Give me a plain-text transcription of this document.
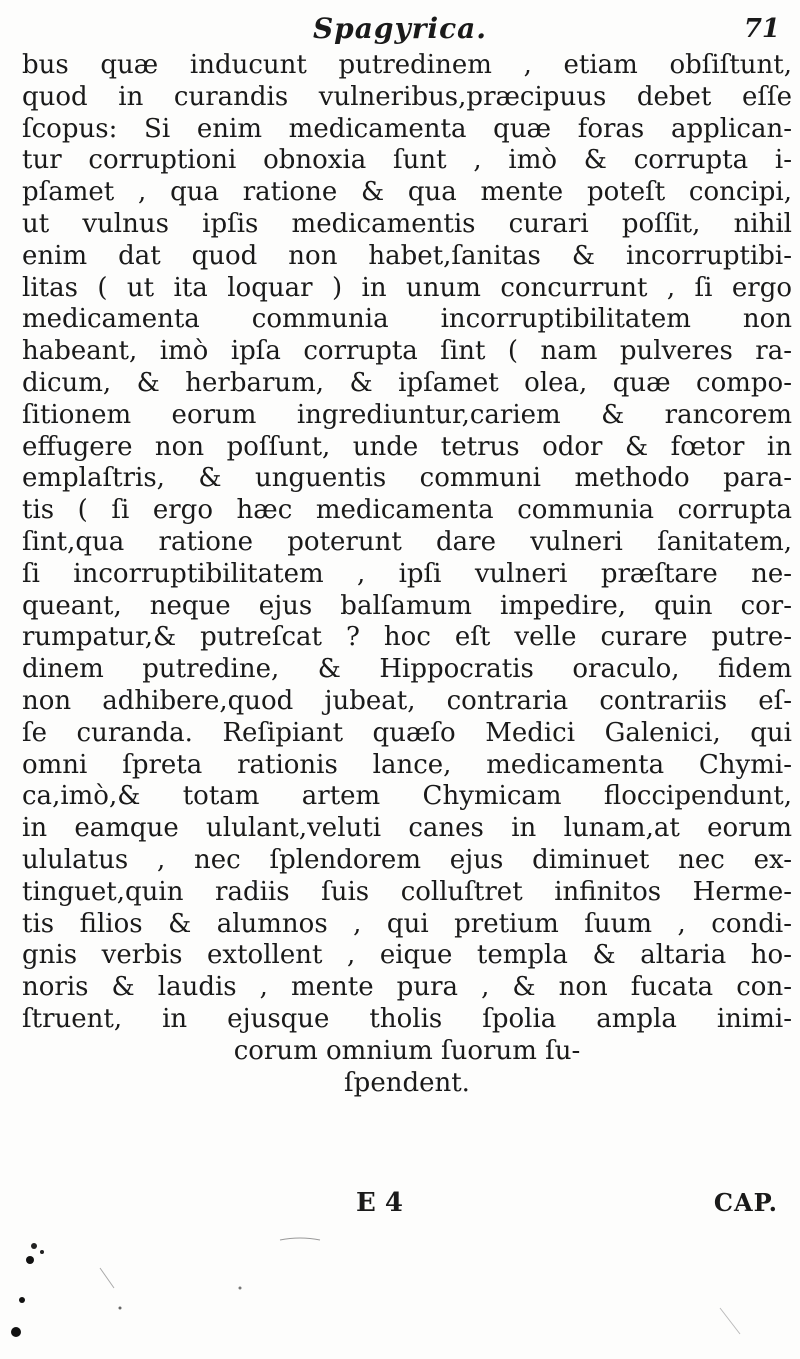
Spagyrica.	71
bus quæ inducunt putredinem , etiam obſiſtunt,
quod in curandis vulneribus,præcipuus debet eſſe
ſcopus: Si enim medicamenta quæ foras applican-
tur corruptioni obnoxia ſunt , imò & corrupta i-
pſamet , qua ratione & qua mente poteſt concipi,
ut vulnus ipſis medicamentis curari poſſit, nihil
enim dat quod non habet,ſanitas & incorruptibi-
litas ( ut ita loquar ) in unum concurrunt , ſi ergo
medicamenta communia incorruptibilitatem non
habeant, imò ipſa corrupta ſint ( nam pulveres ra-
dicum, & herbarum, & ipſamet olea, quæ compo-
ſitionem eorum ingrediuntur,cariem & rancorem
effugere non poſſunt, unde tetrus odor & fœtor in
emplaſtris, & unguentis communi methodo para-
tis ( ſi ergo hæc medicamenta communia corrupta
ſint,qua ratione poterunt dare vulneri ſanitatem,
ſi incorruptibilitatem , ipſi vulneri præſtare ne-
queant, neque ejus balſamum impedire, quin cor-
rumpatur,& putreſcat ? hoc eſt velle curare putre-
dinem putredine, & Hippocratis oraculo, fidem
non adhibere,quod jubeat, contraria contrariis eſ-
ſe curanda. Reſipiant quæſo Medici Galenici, qui
omni ſpreta rationis lance, medicamenta Chymi-
ca,imò,& totam artem Chymicam floccipendunt,
in eamque ululant,veluti canes in lunam,at eorum
ululatus , nec ſplendorem ejus diminuet nec ex-
tinguet,quin radiis ſuis colluſtret infinitos Herme-
tis filios & alumnos , qui pretium ſuum , condi-
gnis verbis extollent , eique templa & altaria ho-
noris & laudis , mente pura , & non fucata con-
ſtruent, in ejusque tholis ſpolia ampla inimi-
corum omnium ſuorum ſu-
ſpendent.
E 4	CAP.
